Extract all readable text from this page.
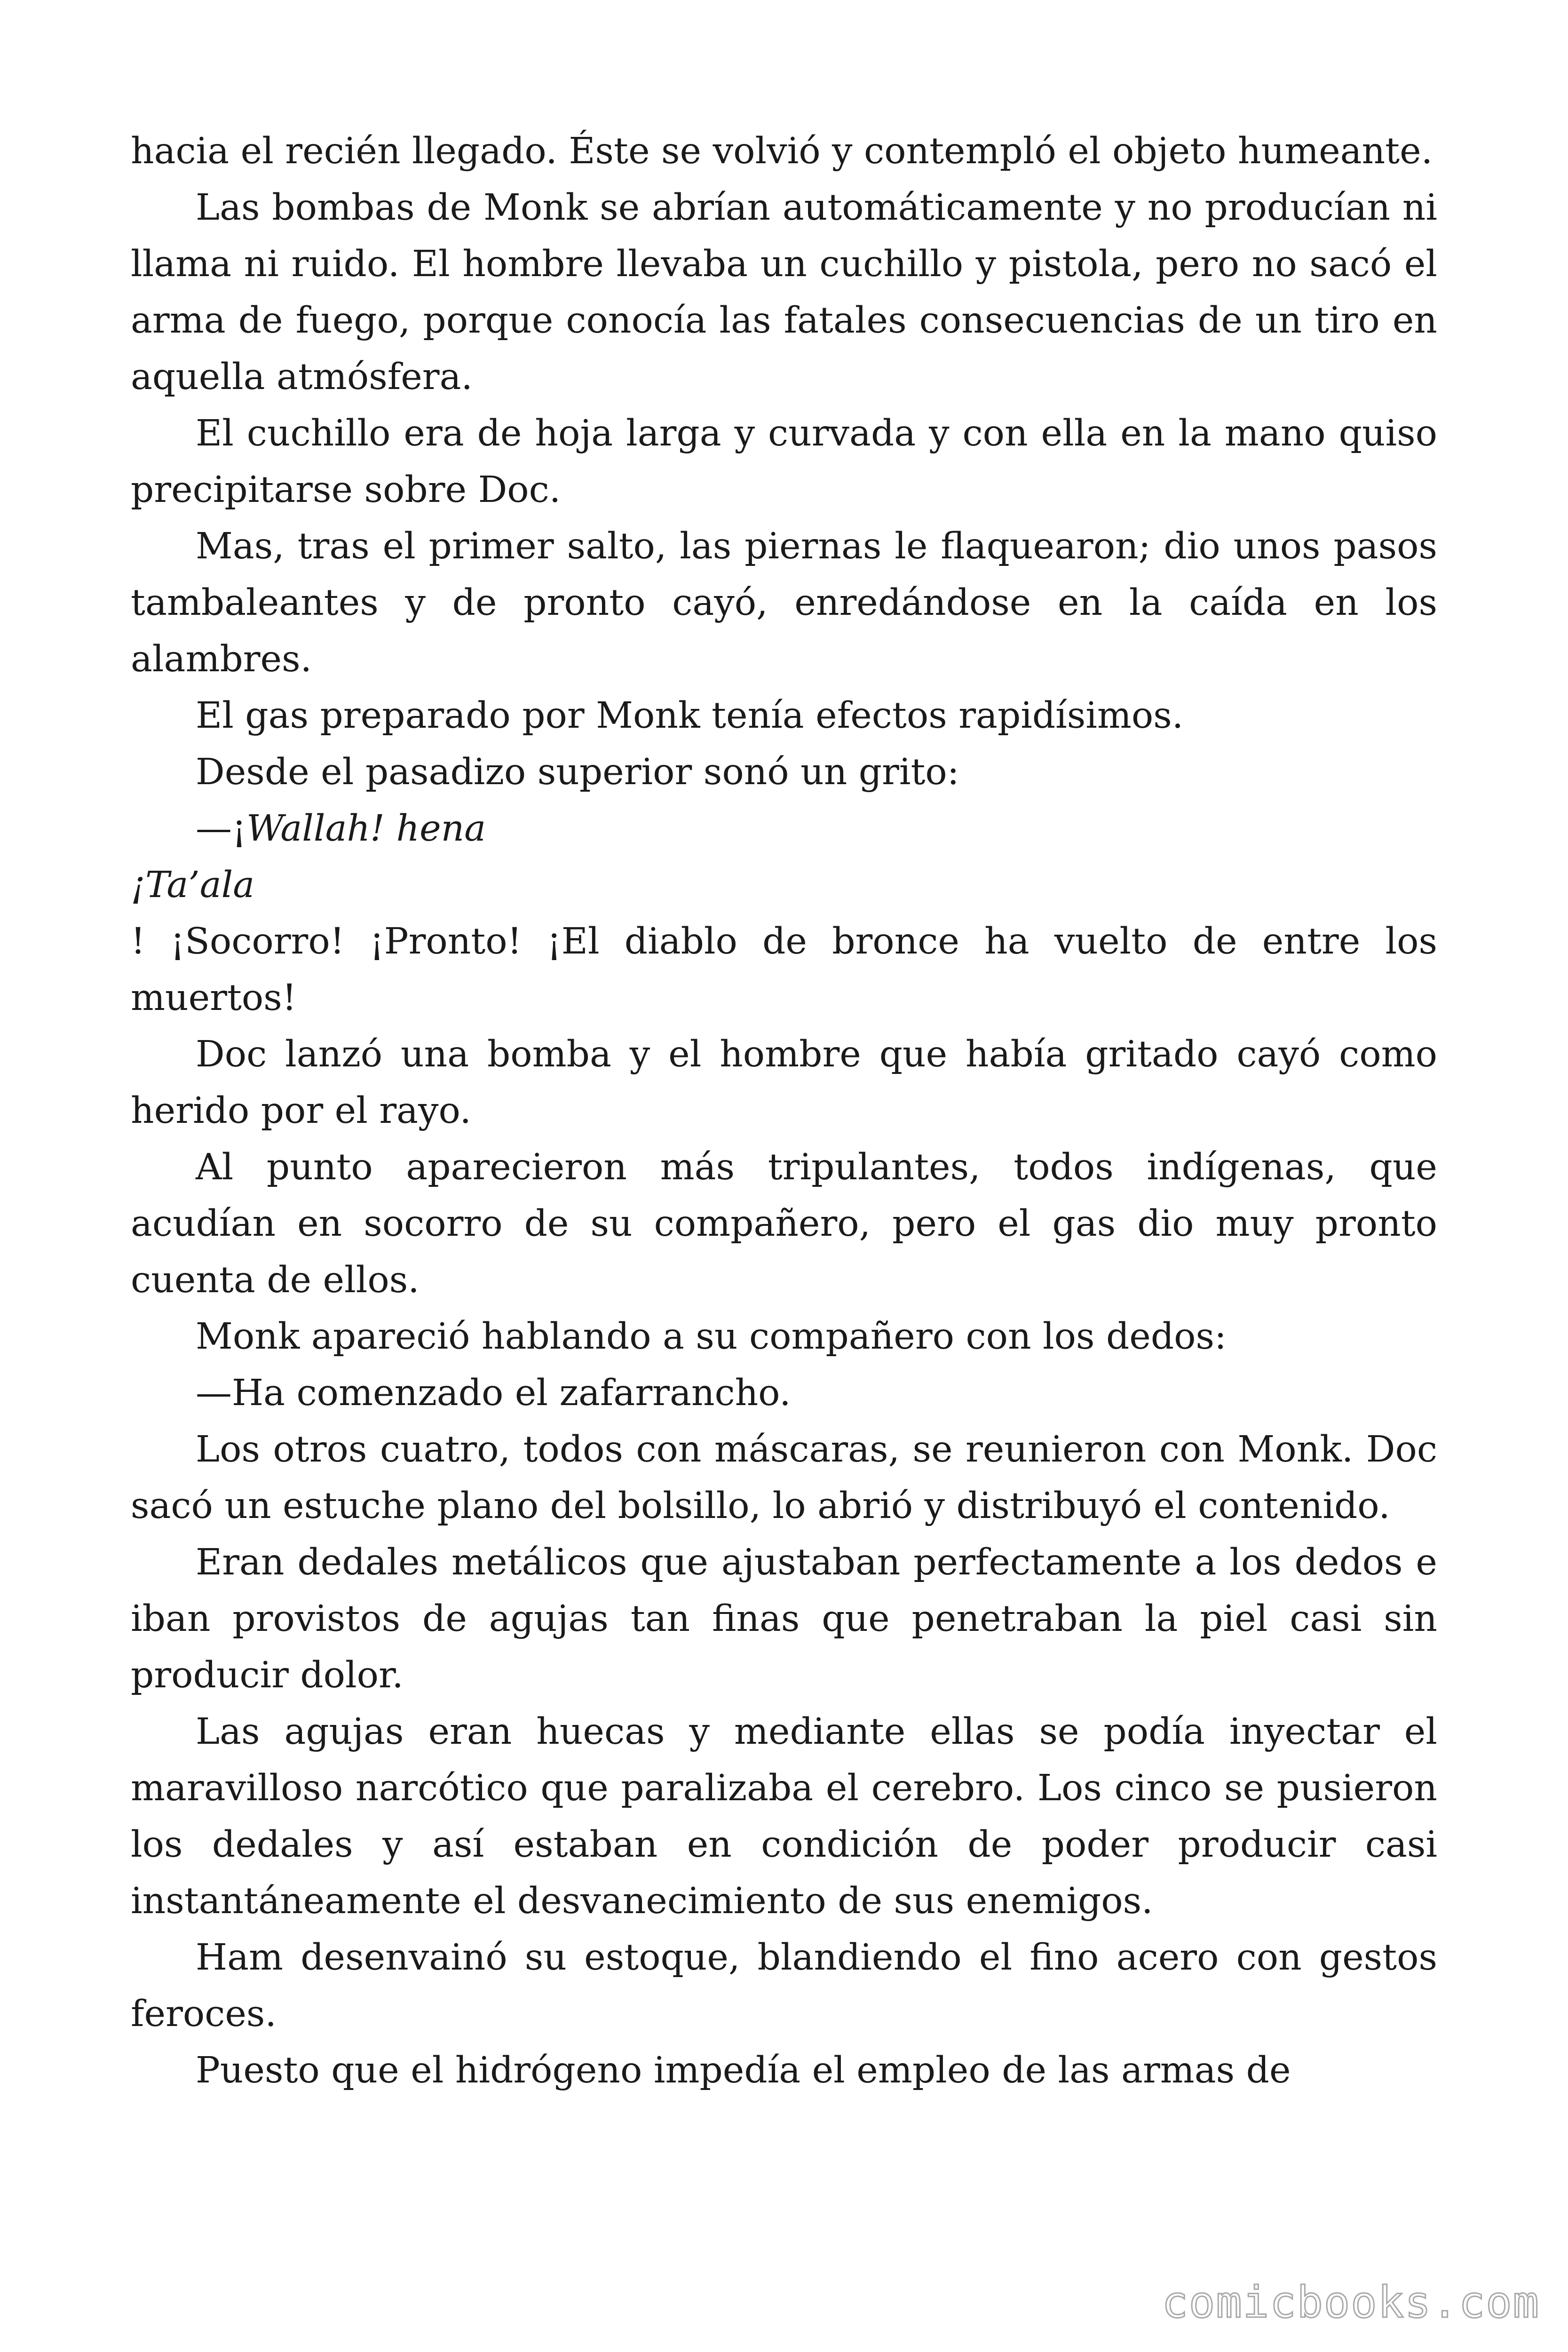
hacia el recién llegado. Éste se volvió y contempló el objeto humeante.

Las bombas de Monk se abrían automáticamente y no producían ni llama ni ruido. El hombre llevaba un cuchillo y pistola, pero no sacó el arma de fuego, porque conocía las fatales consecuencias de un tiro en aquella atmósfera.

El cuchillo era de hoja larga y curvada y con ella en la mano quiso precipitarse sobre Doc.

Mas, tras el primer salto, las piernas le flaquearon; dio unos pasos tambaleantes y de pronto cayó, enredándose en la caída en los alambres.

El gas preparado por Monk tenía efectos rapidísimos.

Desde el pasadizo superior sonó un grito:

—¡Wallah! hena

¡Ta’ala

! ¡Socorro! ¡Pronto! ¡El diablo de bronce ha vuelto de entre los muertos!

Doc lanzó una bomba y el hombre que había gritado cayó como herido por el rayo.

Al punto aparecieron más tripulantes, todos indígenas, que acudían en socorro de su compañero, pero el gas dio muy pronto cuenta de ellos.

Monk apareció hablando a su compañero con los dedos:

—Ha comenzado el zafarrancho.

Los otros cuatro, todos con máscaras, se reunieron con Monk. Doc sacó un estuche plano del bolsillo, lo abrió y distribuyó el contenido.

Eran dedales metálicos que ajustaban perfectamente a los dedos e iban provistos de agujas tan finas que penetraban la piel casi sin producir dolor.

Las agujas eran huecas y mediante ellas se podía inyectar el maravilloso narcótico que paralizaba el cerebro. Los cinco se pusieron los dedales y así estaban en condición de poder producir casi instantáneamente el desvanecimiento de sus enemigos.

Ham desenvainó su estoque, blandiendo el fino acero con gestos feroces.

Puesto que el hidrógeno impedía el empleo de las armas de

comicbooks.com
